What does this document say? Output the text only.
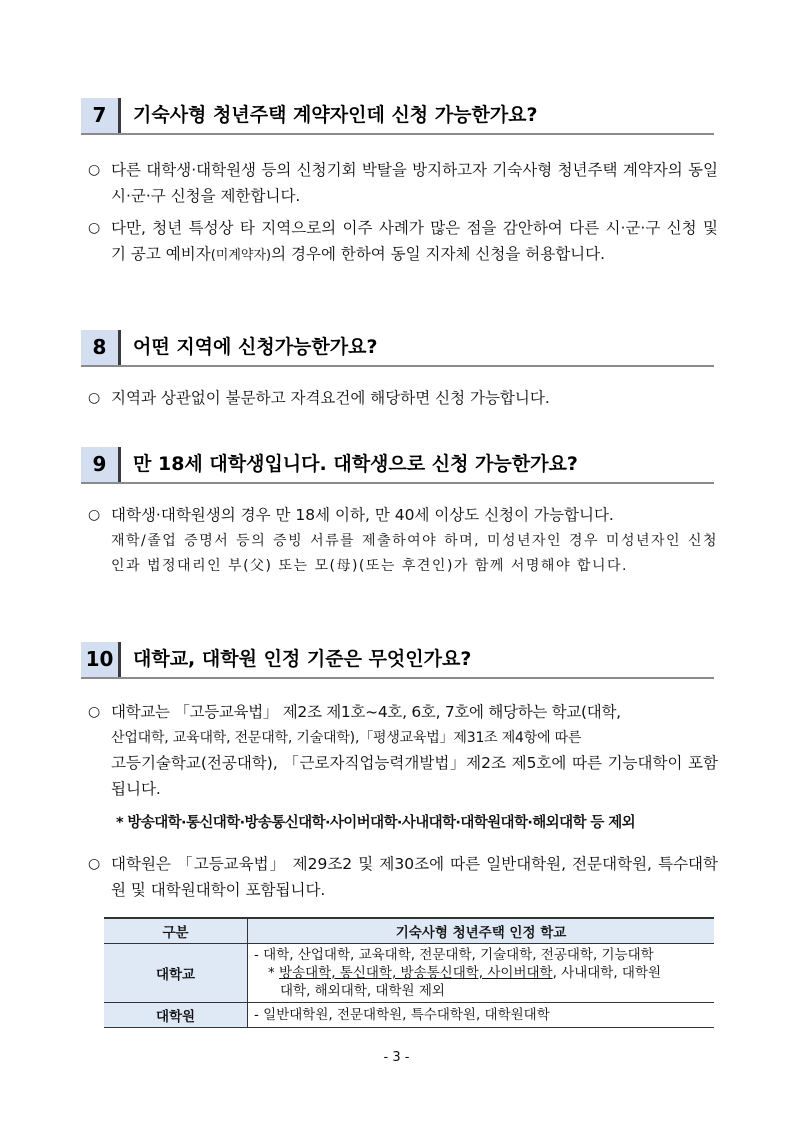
7	기숙사형 청년주택 계약자인데 신청 가능한가요?
○ 다른 대학생·대학원생 등의 신청기회 박탈을 방지하고자 기숙사형 청년주택 계약자의 동일 시·군·구 신청을 제한합니다.
○ 다만, 청년 특성상 타 지역으로의 이주 사례가 많은 점을 감안하여 다른 시·군·구 신청 및 기 공고 예비자(미계약자)의 경우에 한하여 동일 지자체 신청을 허용합니다.
8	어떤 지역에 신청가능한가요?
○ 지역과 상관없이 불문하고 자격요건에 해당하면 신청 가능합니다.
9	만 18세 대학생입니다. 대학생으로 신청 가능한가요?
○ 대학생·대학원생의 경우 만 18세 이하, 만 40세 이상도 신청이 가능합니다.
재학/졸업 증명서 등의 증빙 서류를 제출하여야 하며, 미성년자인 경우 미성년자인 신청인과 법정대리인 부(父) 또는 모(母)(또는 후견인)가 함께 서명해야 합니다.
10	대학교, 대학원 인정 기준은 무엇인가요?
○ 대학교는 「고등교육법」 제2조 제1호~4호, 6호, 7호에 해당하는 학교(대학,
산업대학, 교육대학, 전문대학, 기술대학),「평생교육법」제31조 제4항에 따른
고등기술학교(전공대학), 「근로자직업능력개발법」제2조 제5호에 따른 기능대학이 포함됩니다.
* 방송대학·통신대학·방송통신대학·사이버대학·사내대학·대학원대학·해외대학 등 제외
○ 대학원은 「고등교육법」 제29조2 및 제30조에 따른 일반대학원, 전문대학원, 특수대학원 및 대학원대학이 포함됩니다.
구분	기숙사형 청년주택 인정 학교
대학교	- 대학, 산업대학, 교육대학, 전문대학, 기술대학, 전공대학, 기능대학
* 방송대학, 통신대학, 방송통신대학, 사이버대학, 사내대학, 대학원
대학, 해외대학, 대학원 제외

대학원	- 일반대학원, 전문대학원, 특수대학원, 대학원대학
- 3 -
